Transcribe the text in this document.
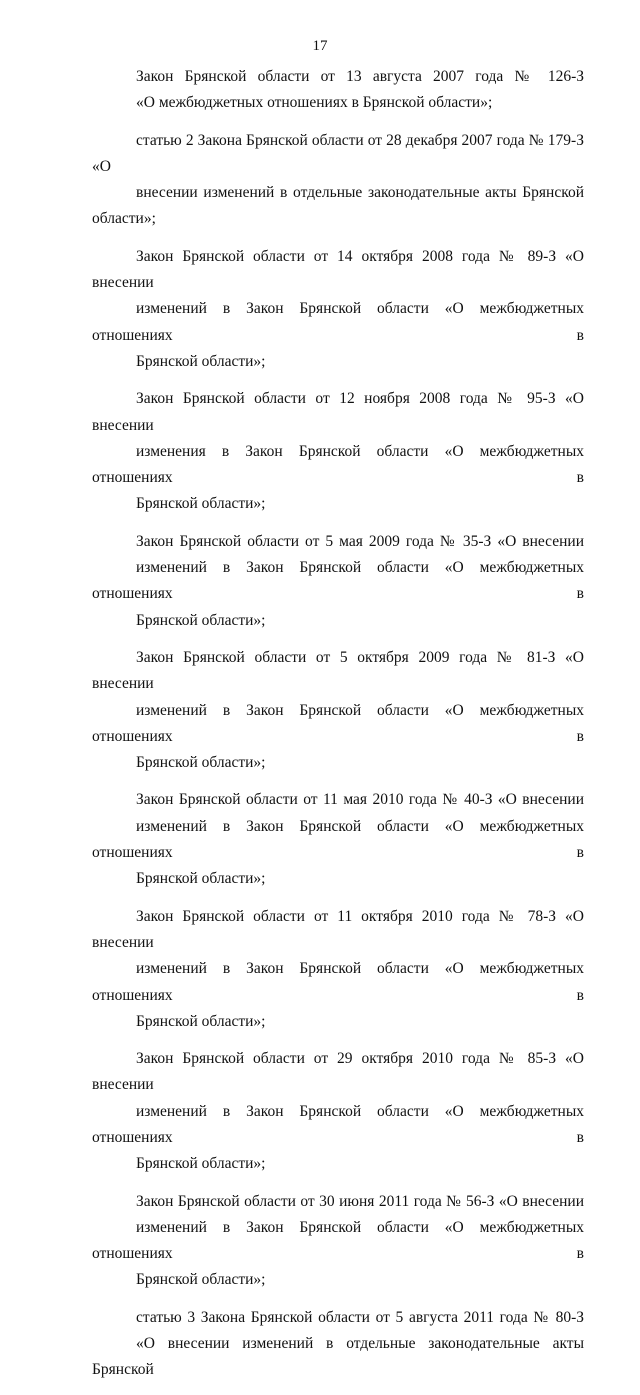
17

Закон Брянской области от 13 августа 2007 года № 126-З
«О межбюджетных отношениях в Брянской области»;

статью 2 Закона Брянской области от 28 декабря 2007 года № 179-З «О
внесении изменений в отдельные законодательные акты Брянской области»;

Закон Брянской области от 14 октября 2008 года № 89-З «О внесении
изменений в Закон Брянской области «О межбюджетных отношениях в
Брянской области»;

Закон Брянской области от 12 ноября 2008 года № 95-З «О внесении
изменения в Закон Брянской области «О межбюджетных отношениях в
Брянской области»;

Закон Брянской области от 5 мая 2009 года № 35-З «О внесении
изменений в Закон Брянской области «О межбюджетных отношениях в
Брянской области»;

Закон Брянской области от 5 октября 2009 года № 81-З «О внесении
изменений в Закон Брянской области «О межбюджетных отношениях в
Брянской области»;

Закон Брянской области от 11 мая 2010 года № 40-З «О внесении
изменений в Закон Брянской области «О межбюджетных отношениях в
Брянской области»;

Закон Брянской области от 11 октября 2010 года № 78-З «О внесении
изменений в Закон Брянской области «О межбюджетных отношениях в
Брянской области»;

Закон Брянской области от 29 октября 2010 года № 85-З «О внесении
изменений в Закон Брянской области «О межбюджетных отношениях в
Брянской области»;

Закон Брянской области от 30 июня 2011 года № 56-З «О внесении
изменений в Закон Брянской области «О межбюджетных отношениях в
Брянской области»;

статью 3 Закона Брянской области от 5 августа 2011 года № 80-З
«О внесении изменений в отдельные законодательные акты Брянской
